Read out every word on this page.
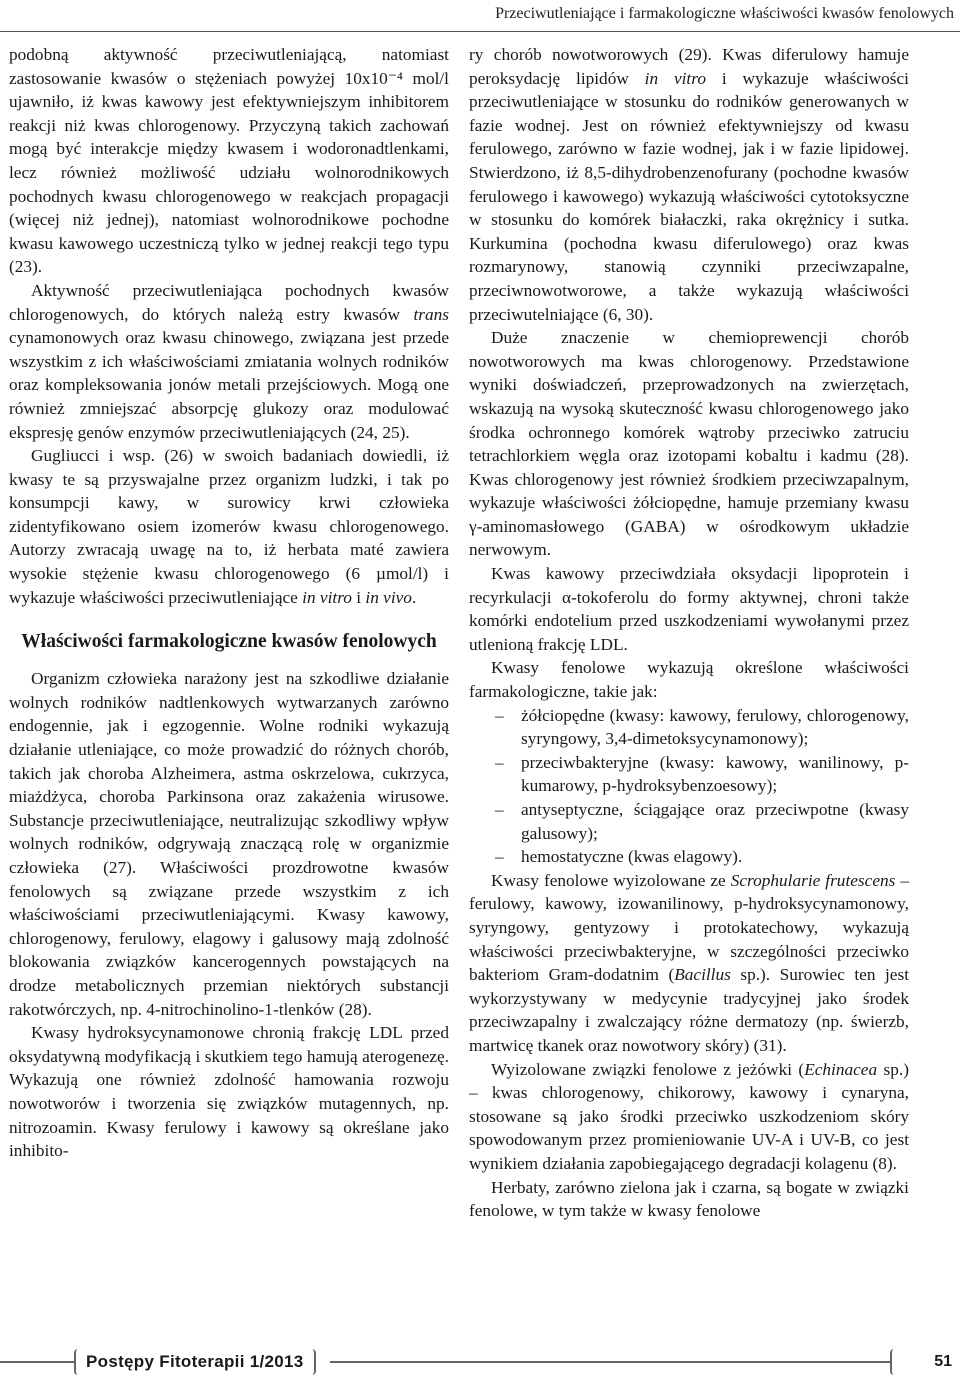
Przeciwutleniające i farmakologiczne właściwości kwasów fenolowych

podobną aktywność przeciwutleniającą, natomiast zastosowanie kwasów o stężeniach powyżej 10x10⁻⁴ mol/l ujawniło, iż kwas kawowy jest efektywniejszym inhibitorem reakcji niż kwas chlorogenowy. Przyczyną takich zachowań mogą być interakcje między kwasem i wodoronadtlenkami, lecz również możliwość udziału wolnorodnikowych pochodnych kwasu chlorogenowego w reakcjach propagacji (więcej niż jednej), natomiast wolnorodnikowe pochodne kwasu kawowego uczestniczą tylko w jednej reakcji tego typu (23).

Aktywność przeciwutleniająca pochodnych kwasów chlorogenowych, do których należą estry kwasów trans cynamonowych oraz kwasu chinowego, związana jest przede wszystkim z ich właściwościami zmiatania wolnych rodników oraz kompleksowania jonów metali przejściowych. Mogą one również zmniejszać absorpcję glukozy oraz modulować ekspresję genów enzymów przeciwutleniających (24, 25).

Gugliucci i wsp. (26) w swoich badaniach dowiedli, iż kwasy te są przyswajalne przez organizm ludzki, i tak po konsumpcji kawy, w surowicy krwi człowieka zidentyfikowano osiem izomerów kwasu chlorogenowego. Autorzy zwracają uwagę na to, iż herbata maté zawiera wysokie stężenie kwasu chlorogenowego (6 µmol/l) i wykazuje właściwości przeciwutleniające in vitro i in vivo.

Właściwości farmakologiczne kwasów fenolowych

Organizm człowieka narażony jest na szkodliwe działanie wolnych rodników nadtlenkowych wytwarzanych zarówno endogennie, jak i egzogennie. Wolne rodniki wykazują działanie utleniające, co może prowadzić do różnych chorób, takich jak choroba Alzheimera, astma oskrzelowa, cukrzyca, miażdżyca, choroba Parkinsona oraz zakażenia wirusowe. Substancje przeciwutleniające, neutralizując szkodliwy wpływ wolnych rodników, odgrywają znaczącą rolę w organizmie człowieka (27). Właściwości prozdrowotne kwasów fenolowych są związane przede wszystkim z ich właściwościami przeciwutleniającymi. Kwasy kawowy, chlorogenowy, ferulowy, elagowy i galusowy mają zdolność blokowania związków kancerogennych powstających na drodze metabolicznych przemian niektórych substancji rakotwórczych, np. 4-nitrochinolino-1-tlenków (28).

Kwasy hydroksycynamonowe chronią frakcję LDL przed oksydatywną modyfikacją i skutkiem tego hamują aterogenezę. Wykazują one również zdolność hamowania rozwoju nowotworów i tworzenia się związków mutagennych, np. nitrozoamin. Kwasy ferulowy i kawowy są określane jako inhibito-

ry chorób nowotworowych (29). Kwas diferulowy hamuje peroksydację lipidów in vitro i wykazuje właściwości przeciwutleniające w stosunku do rodników generowanych w fazie wodnej. Jest on również efektywniejszy od kwasu ferulowego, zarówno w fazie wodnej, jak i w fazie lipidowej. Stwierdzono, iż 8,5-dihydrobenzenofurany (pochodne kwasów ferulowego i kawowego) wykazują właściwości cytotoksyczne w stosunku do komórek białaczki, raka okrężnicy i sutka. Kurkumina (pochodna kwasu diferulowego) oraz kwas rozmarynowy, stanowią czynniki przeciwzapalne, przeciwnowotworowe, a także wykazują właściwości przeciwutelniające (6, 30).

Duże znaczenie w chemioprewencji chorób nowotworowych ma kwas chlorogenowy. Przedstawione wyniki doświadczeń, przeprowadzonych na zwierzętach, wskazują na wysoką skuteczność kwasu chlorogenowego jako środka ochronnego komórek wątroby przeciwko zatruciu tetrachlorkiem węgla oraz izotopami kobaltu i kadmu (28). Kwas chlorogenowy jest również środkiem przeciwzapalnym, wykazuje właściwości żółciopędne, hamuje przemiany kwasu γ-aminomasłowego (GABA) w ośrodkowym układzie nerwowym.

Kwas kawowy przeciwdziała oksydacji lipoprotein i recyrkulacji α-tokoferolu do formy aktywnej, chroni także komórki endotelium przed uszkodzeniami wywołanymi przez utlenioną frakcję LDL.

Kwasy fenolowe wykazują określone właściwości farmakologiczne, takie jak:

– żółciopędne (kwasy: kawowy, ferulowy, chlorogenowy, syryngowy, 3,4-dimetoksycynamonowy);
– przeciwbakteryjne (kwasy: kawowy, wanilinowy, p-kumarowy, p-hydroksybenzoesowy);
– antyseptyczne, ściągające oraz przeciwpotne (kwasy galusowy);
– hemostatyczne (kwas elagowy).

Kwasy fenolowe wyizolowane ze Scrophularie frutescens – ferulowy, kawowy, izowanilinowy, p-hydroksycynamonowy, syryngowy, gentyzowy i protokatechowy, wykazują właściwości przeciwbakteryjne, w szczególności przeciwko bakteriom Gram-dodatnim (Bacillus sp.). Surowiec ten jest wykorzystywany w medycynie tradycyjnej jako środek przeciwzapalny i zwalczający różne dermatozy (np. świerzb, martwicę tkanek oraz nowotwory skóry) (31).

Wyizolowane związki fenolowe z jeżówki (Echinacea sp.) – kwas chlorogenowy, chikorowy, kawowy i cynaryna, stosowane są jako środki przeciwko uszkodzeniom skóry spowodowanym przez promieniowanie UV-A i UV-B, co jest wynikiem działania zapobiegającego degradacji kolagenu (8).

Herbaty, zarówno zielona jak i czarna, są bogate w związki fenolowe, w tym także w kwasy fenolowe

Postępy Fitoterapii 1/2013	51
